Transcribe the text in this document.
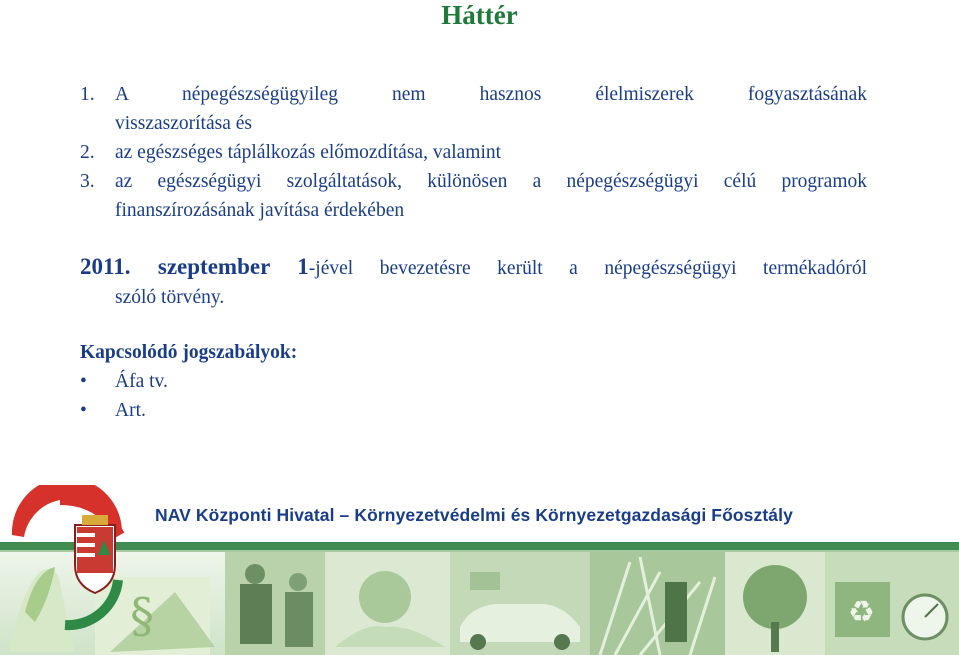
Háttér
1.	A népegészségügyileg nem hasznos élelmiszerek fogyasztásának
visszaszorítása és
2.	az egészséges táplálkozás előmozdítása, valamint
3.	az egészségügyi szolgáltatások, különösen a népegészségügyi célú programok
finanszírozásának javítása érdekében
2011. szeptember 1-jével bevezetésre került a népegészségügyi termékadóról
szóló törvény.
Kapcsolódó jogszabályok:
•	Áfa tv.
•	Art.
NAV Központi Hivatal – Környezetvédelmi és Környezetgazdasági Főosztály
§	♻
